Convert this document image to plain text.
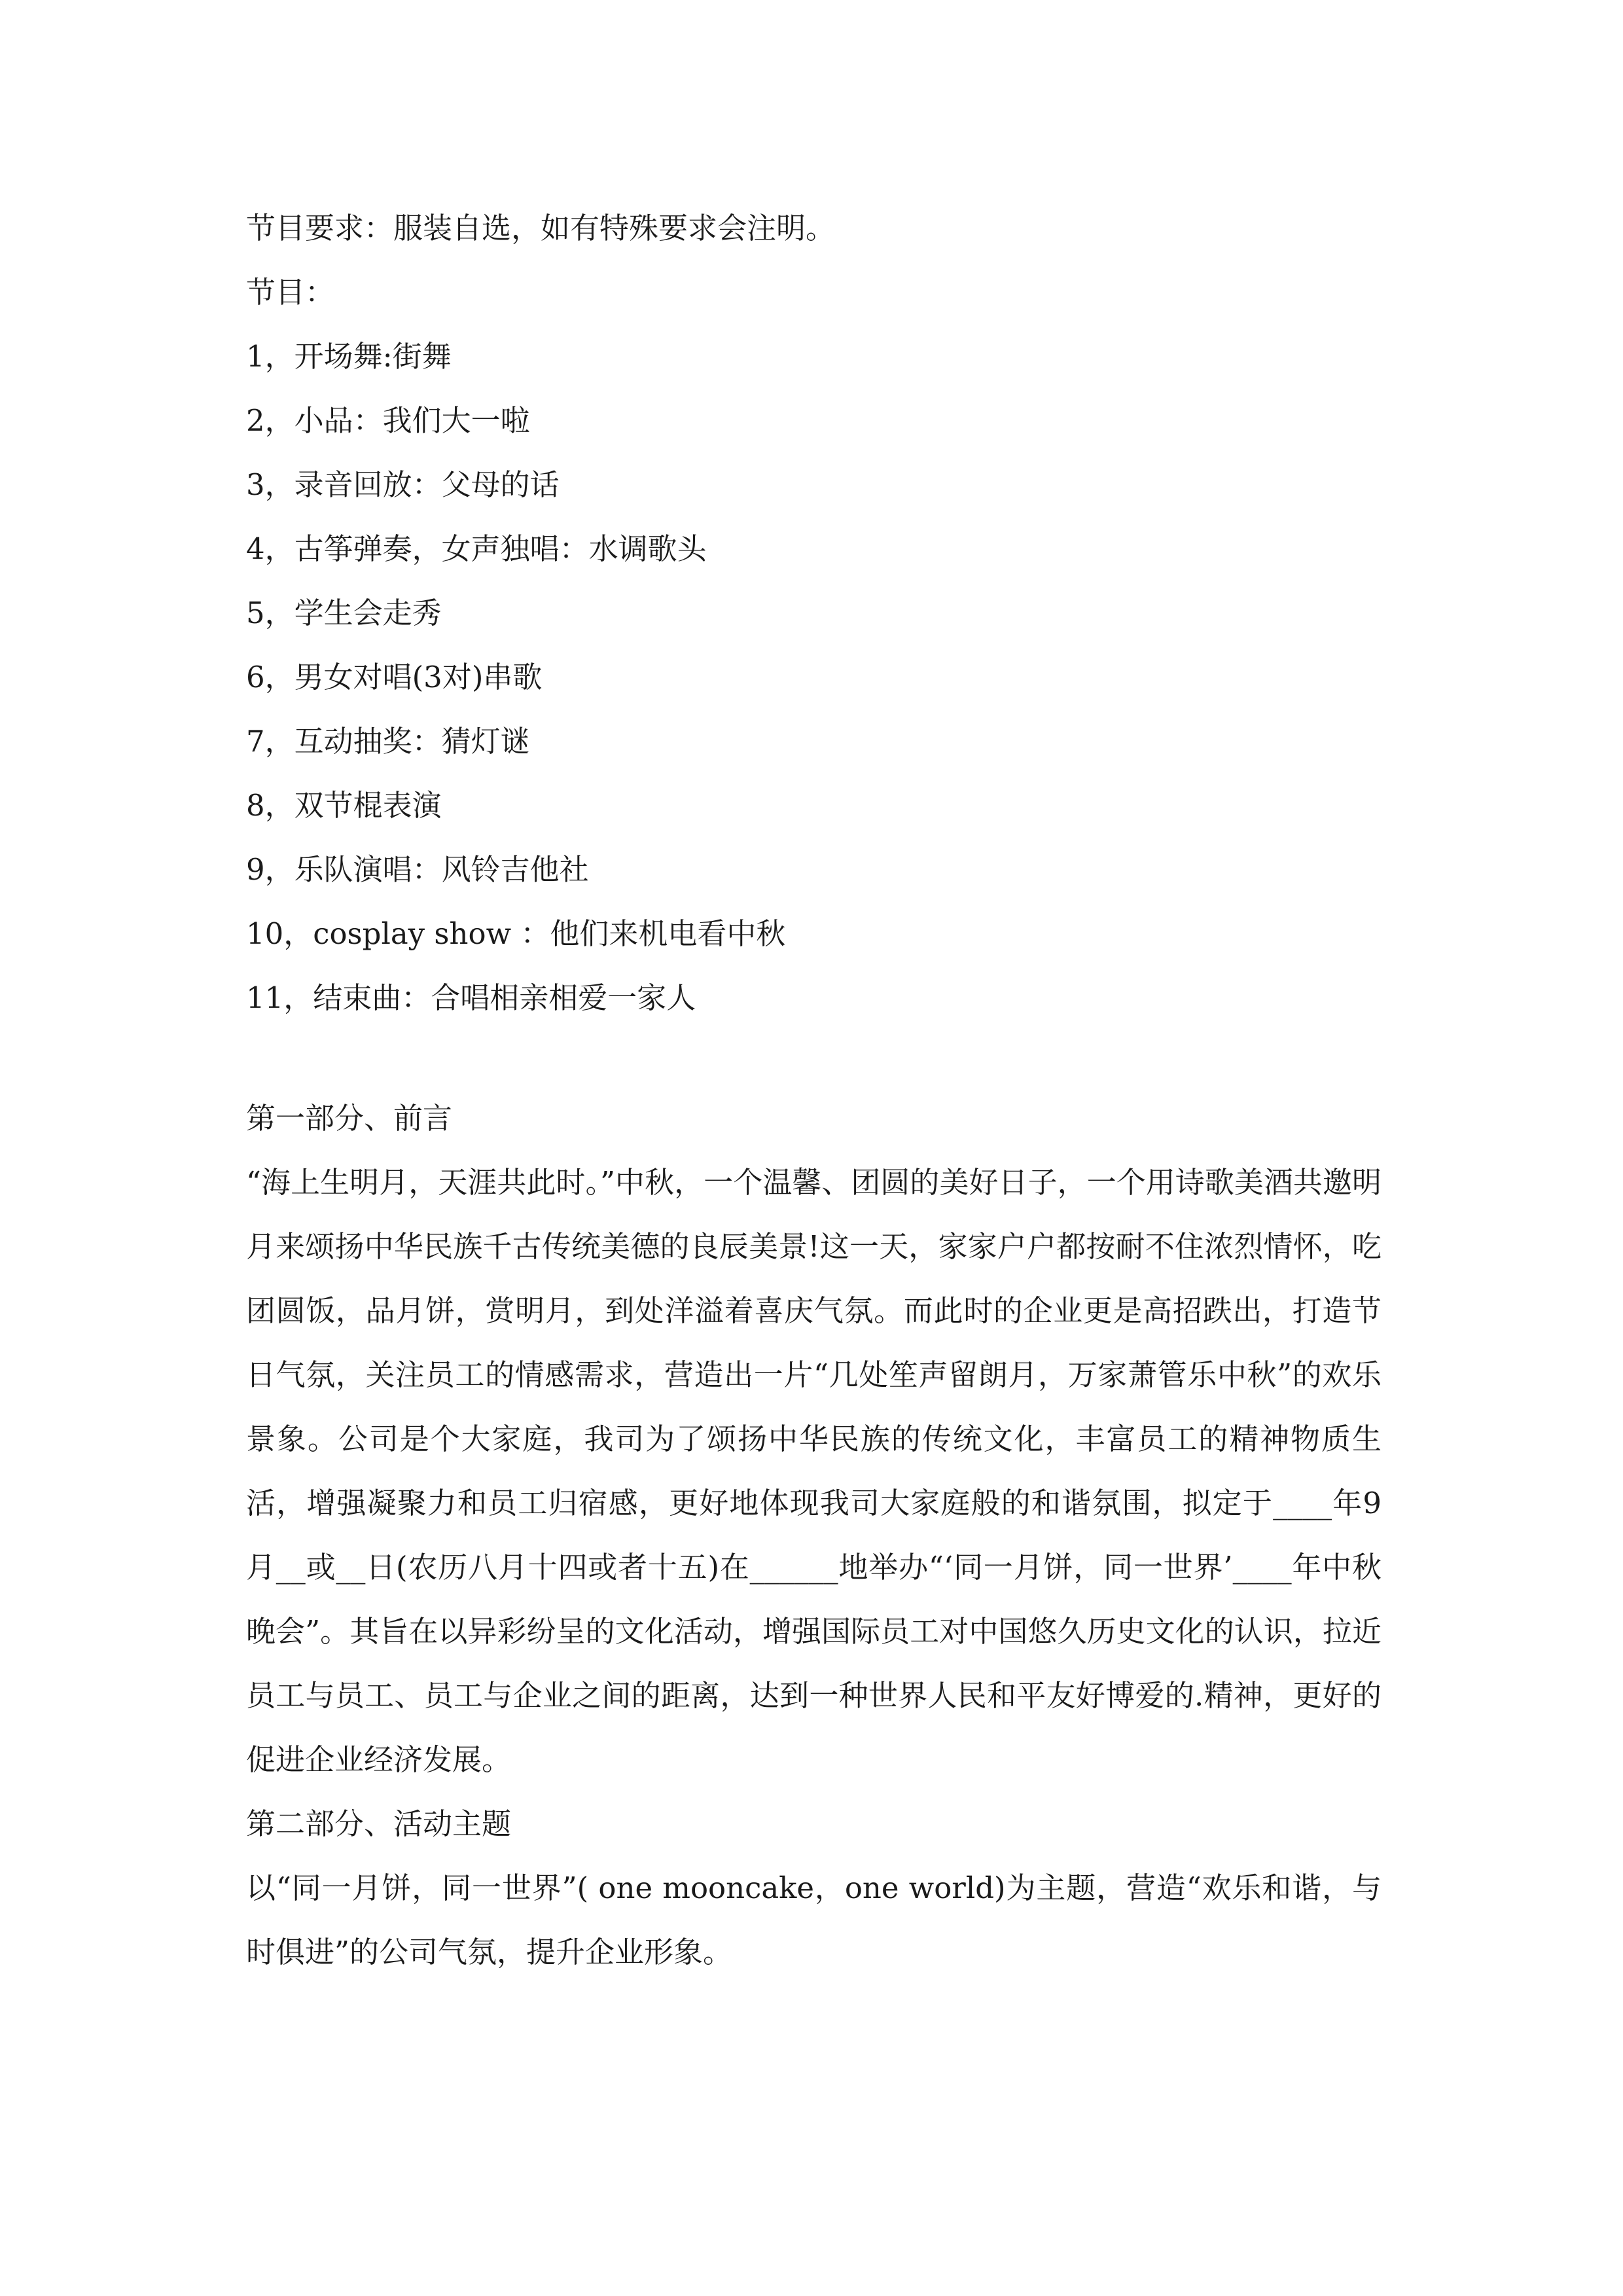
节目要求：服装自选，如有特殊要求会注明。
节目：
1，开场舞:街舞
2，小品：我们大一啦
3，录音回放：父母的话
4，古筝弹奏，女声独唱：水调歌头
5，学生会走秀
6，男女对唱(3对)串歌
7，互动抽奖：猜灯谜
8，双节棍表演
9，乐队演唱：风铃吉他社
10，cosplay show ：他们来机电看中秋
11，结束曲：合唱相亲相爱一家人
第一部分、前言
“海上生明月，天涯共此时。”中秋，一个温馨、团圆的美好日子，一个用诗歌美酒共邀明月来颂扬中华民族千古传统美德的良辰美景!这一天，家家户户都按耐不住浓烈情怀，吃团圆饭，品月饼，赏明月，到处洋溢着喜庆气氛。而此时的企业更是高招跌出，打造节日气氛，关注员工的情感需求，营造出一片“几处笙声留朗月，万家萧管乐中秋”的欢乐景象。公司是个大家庭，我司为了颂扬中华民族的传统文化，丰富员工的精神物质生活，增强凝聚力和员工归宿感，更好地体现我司大家庭般的和谐氛围，拟定于____年9月__或__日(农历八月十四或者十五)在______地举办“‘同一月饼，同一世界’____年中秋晚会”。其旨在以异彩纷呈的文化活动，增强国际员工对中国悠久历史文化的认识，拉近员工与员工、员工与企业之间的距离，达到一种世界人民和平友好博爱的.精神，更好的促进企业经济发展。
第二部分、活动主题
以“同一月饼，同一世界”( one mooncake，one world)为主题，营造“欢乐和谐，与时俱进”的公司气氛，提升企业形象。
